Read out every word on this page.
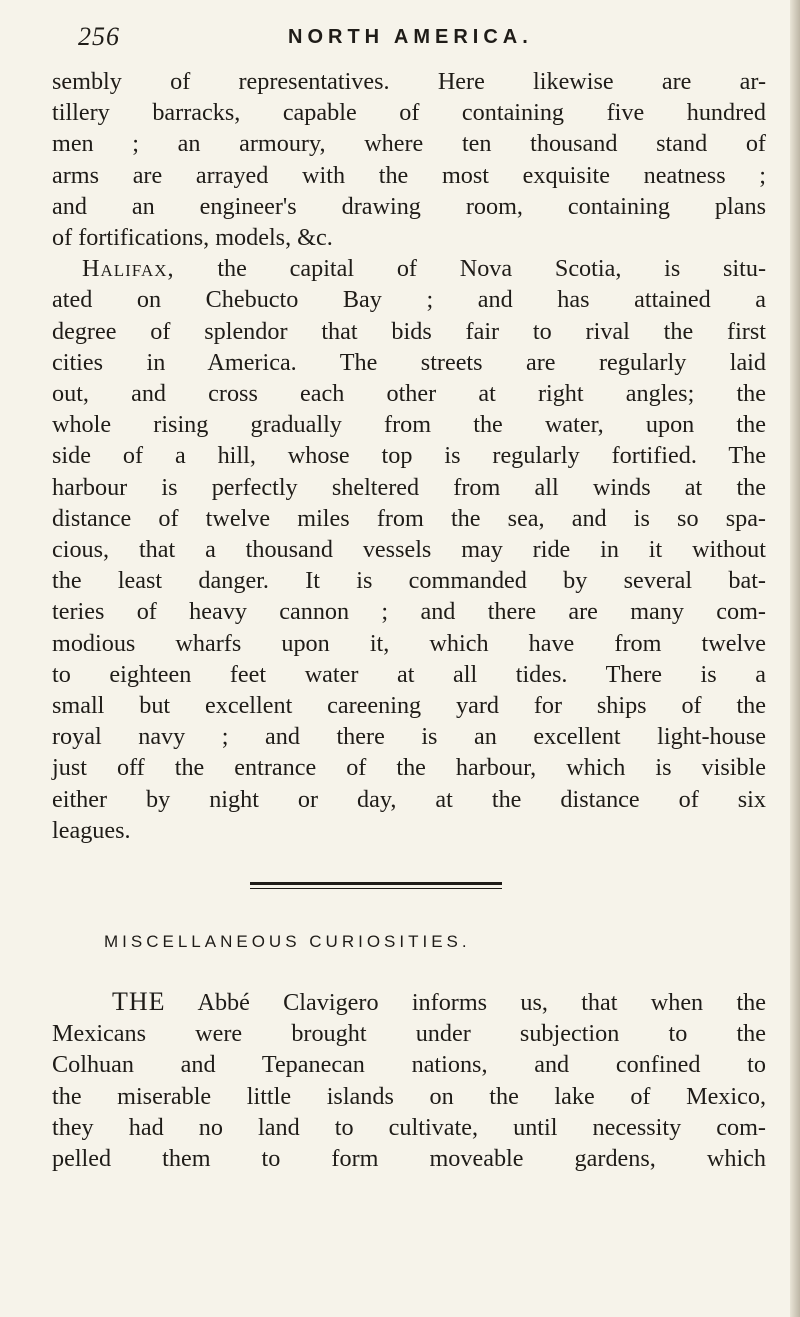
256	NORTH AMERICA.

sembly of representatives. Here likewise are ar-
tillery barracks, capable of containing five hundred
men ; an armoury, where ten thousand stand of
arms are arrayed with the most exquisite neatness ;
and an engineer's drawing room, containing plans
of fortifications, models, &c.

Halifax, the capital of Nova Scotia, is situ-
ated on Chebucto Bay ; and has attained a
degree of splendor that bids fair to rival the first
cities in America. The streets are regularly laid
out, and cross each other at right angles; the
whole rising gradually from the water, upon the
side of a hill, whose top is regularly fortified. The
harbour is perfectly sheltered from all winds at the
distance of twelve miles from the sea, and is so spa-
cious, that a thousand vessels may ride in it without
the least danger. It is commanded by several bat-
teries of heavy cannon ; and there are many com-
modious wharfs upon it, which have from twelve
to eighteen feet water at all tides. There is a
small but excellent careening yard for ships of the
royal navy ; and there is an excellent light-house
just off the entrance of the harbour, which is visible
either by night or day, at the distance of six
leagues.

MISCELLANEOUS CURIOSITIES.

THE Abbé Clavigero informs us, that when the
Mexicans were brought under subjection to the
Colhuan and Tepanecan nations, and confined to
the miserable little islands on the lake of Mexico,
they had no land to cultivate, until necessity com-
pelled them to form moveable gardens, which
